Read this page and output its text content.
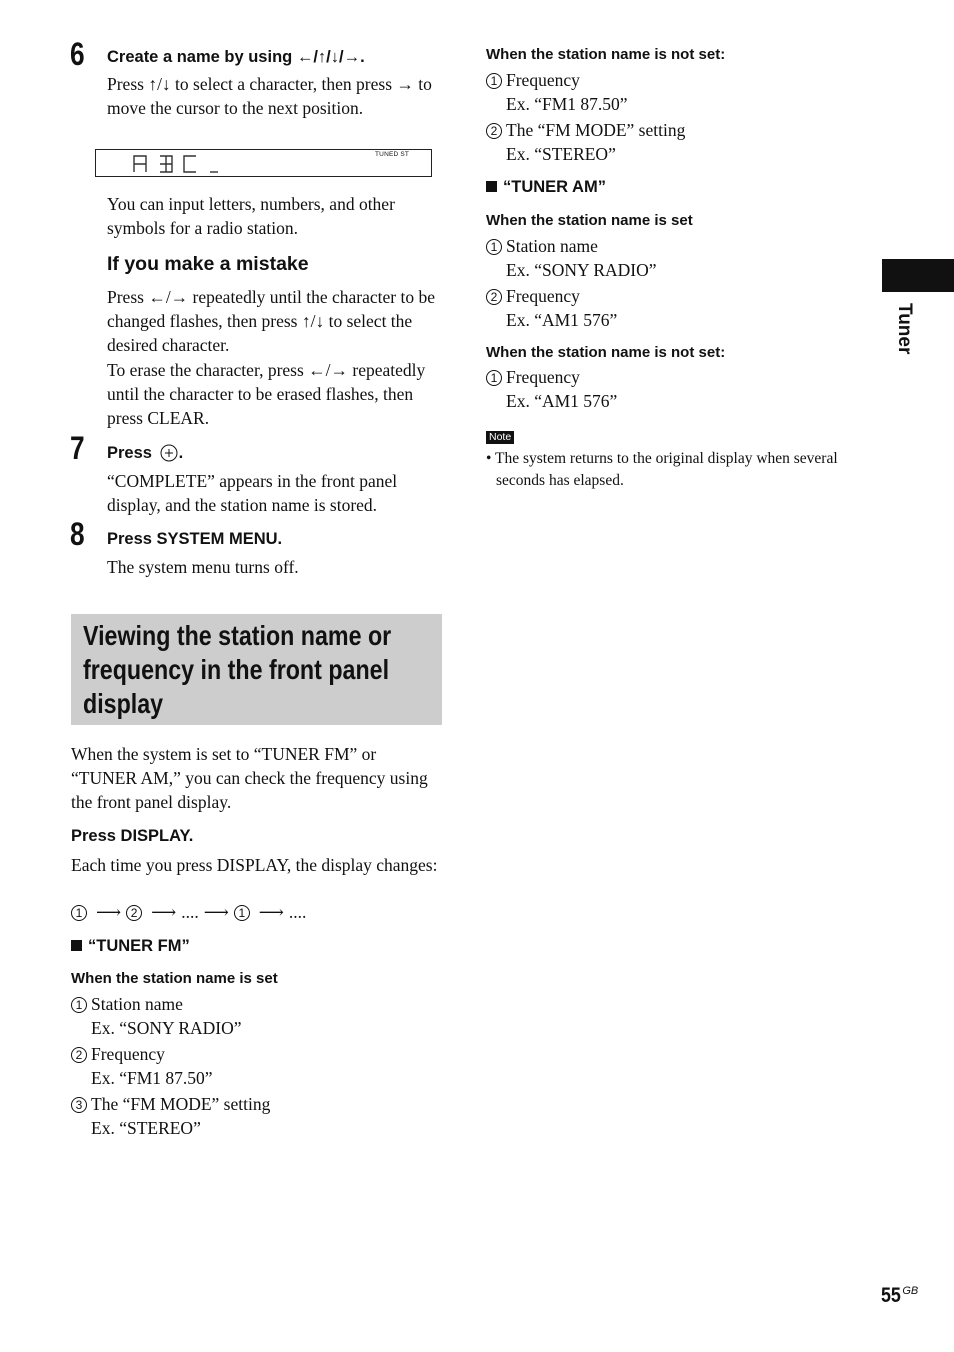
6 Create a name by using ←/↑/↓/→.
Press ↑/↓ to select a character, then press → to move the cursor to the next position.
TUNED ST
You can input letters, numbers, and other symbols for a radio station.
If you make a mistake
Press ←/→ repeatedly until the character to be changed flashes, then press ↑/↓ to select the desired character.
To erase the character, press ←/→ repeatedly until the character to be erased flashes, then press CLEAR.
7 Press .
“COMPLETE” appears in the front panel display, and the station name is stored.
8 Press SYSTEM MENU.
The system menu turns off.
Viewing the station name or frequency in the front panel display
When the system is set to “TUNER FM” or “TUNER AM,” you can check the frequency using the front panel display.
Press DISPLAY.
Each time you press DISPLAY, the display changes:
1 ⟶ 2 ⟶ .... ⟶ 1 ⟶ ....
“TUNER FM”
When the station name is set
1 Station name
Ex. “SONY RADIO”
2 Frequency
Ex. “FM1 87.50”
3 The “FM MODE” setting
Ex. “STEREO”
When the station name is not set:
1 Frequency
Ex. “FM1 87.50”
2 The “FM MODE” setting
Ex. “STEREO”
“TUNER AM”
When the station name is set
1 Station name
Ex. “SONY RADIO”
2 Frequency
Ex. “AM1 576”
When the station name is not set:
1 Frequency
Ex. “AM1 576”
Note
• The system returns to the original display when several seconds has elapsed.
Tuner
55 $^{GB}$
